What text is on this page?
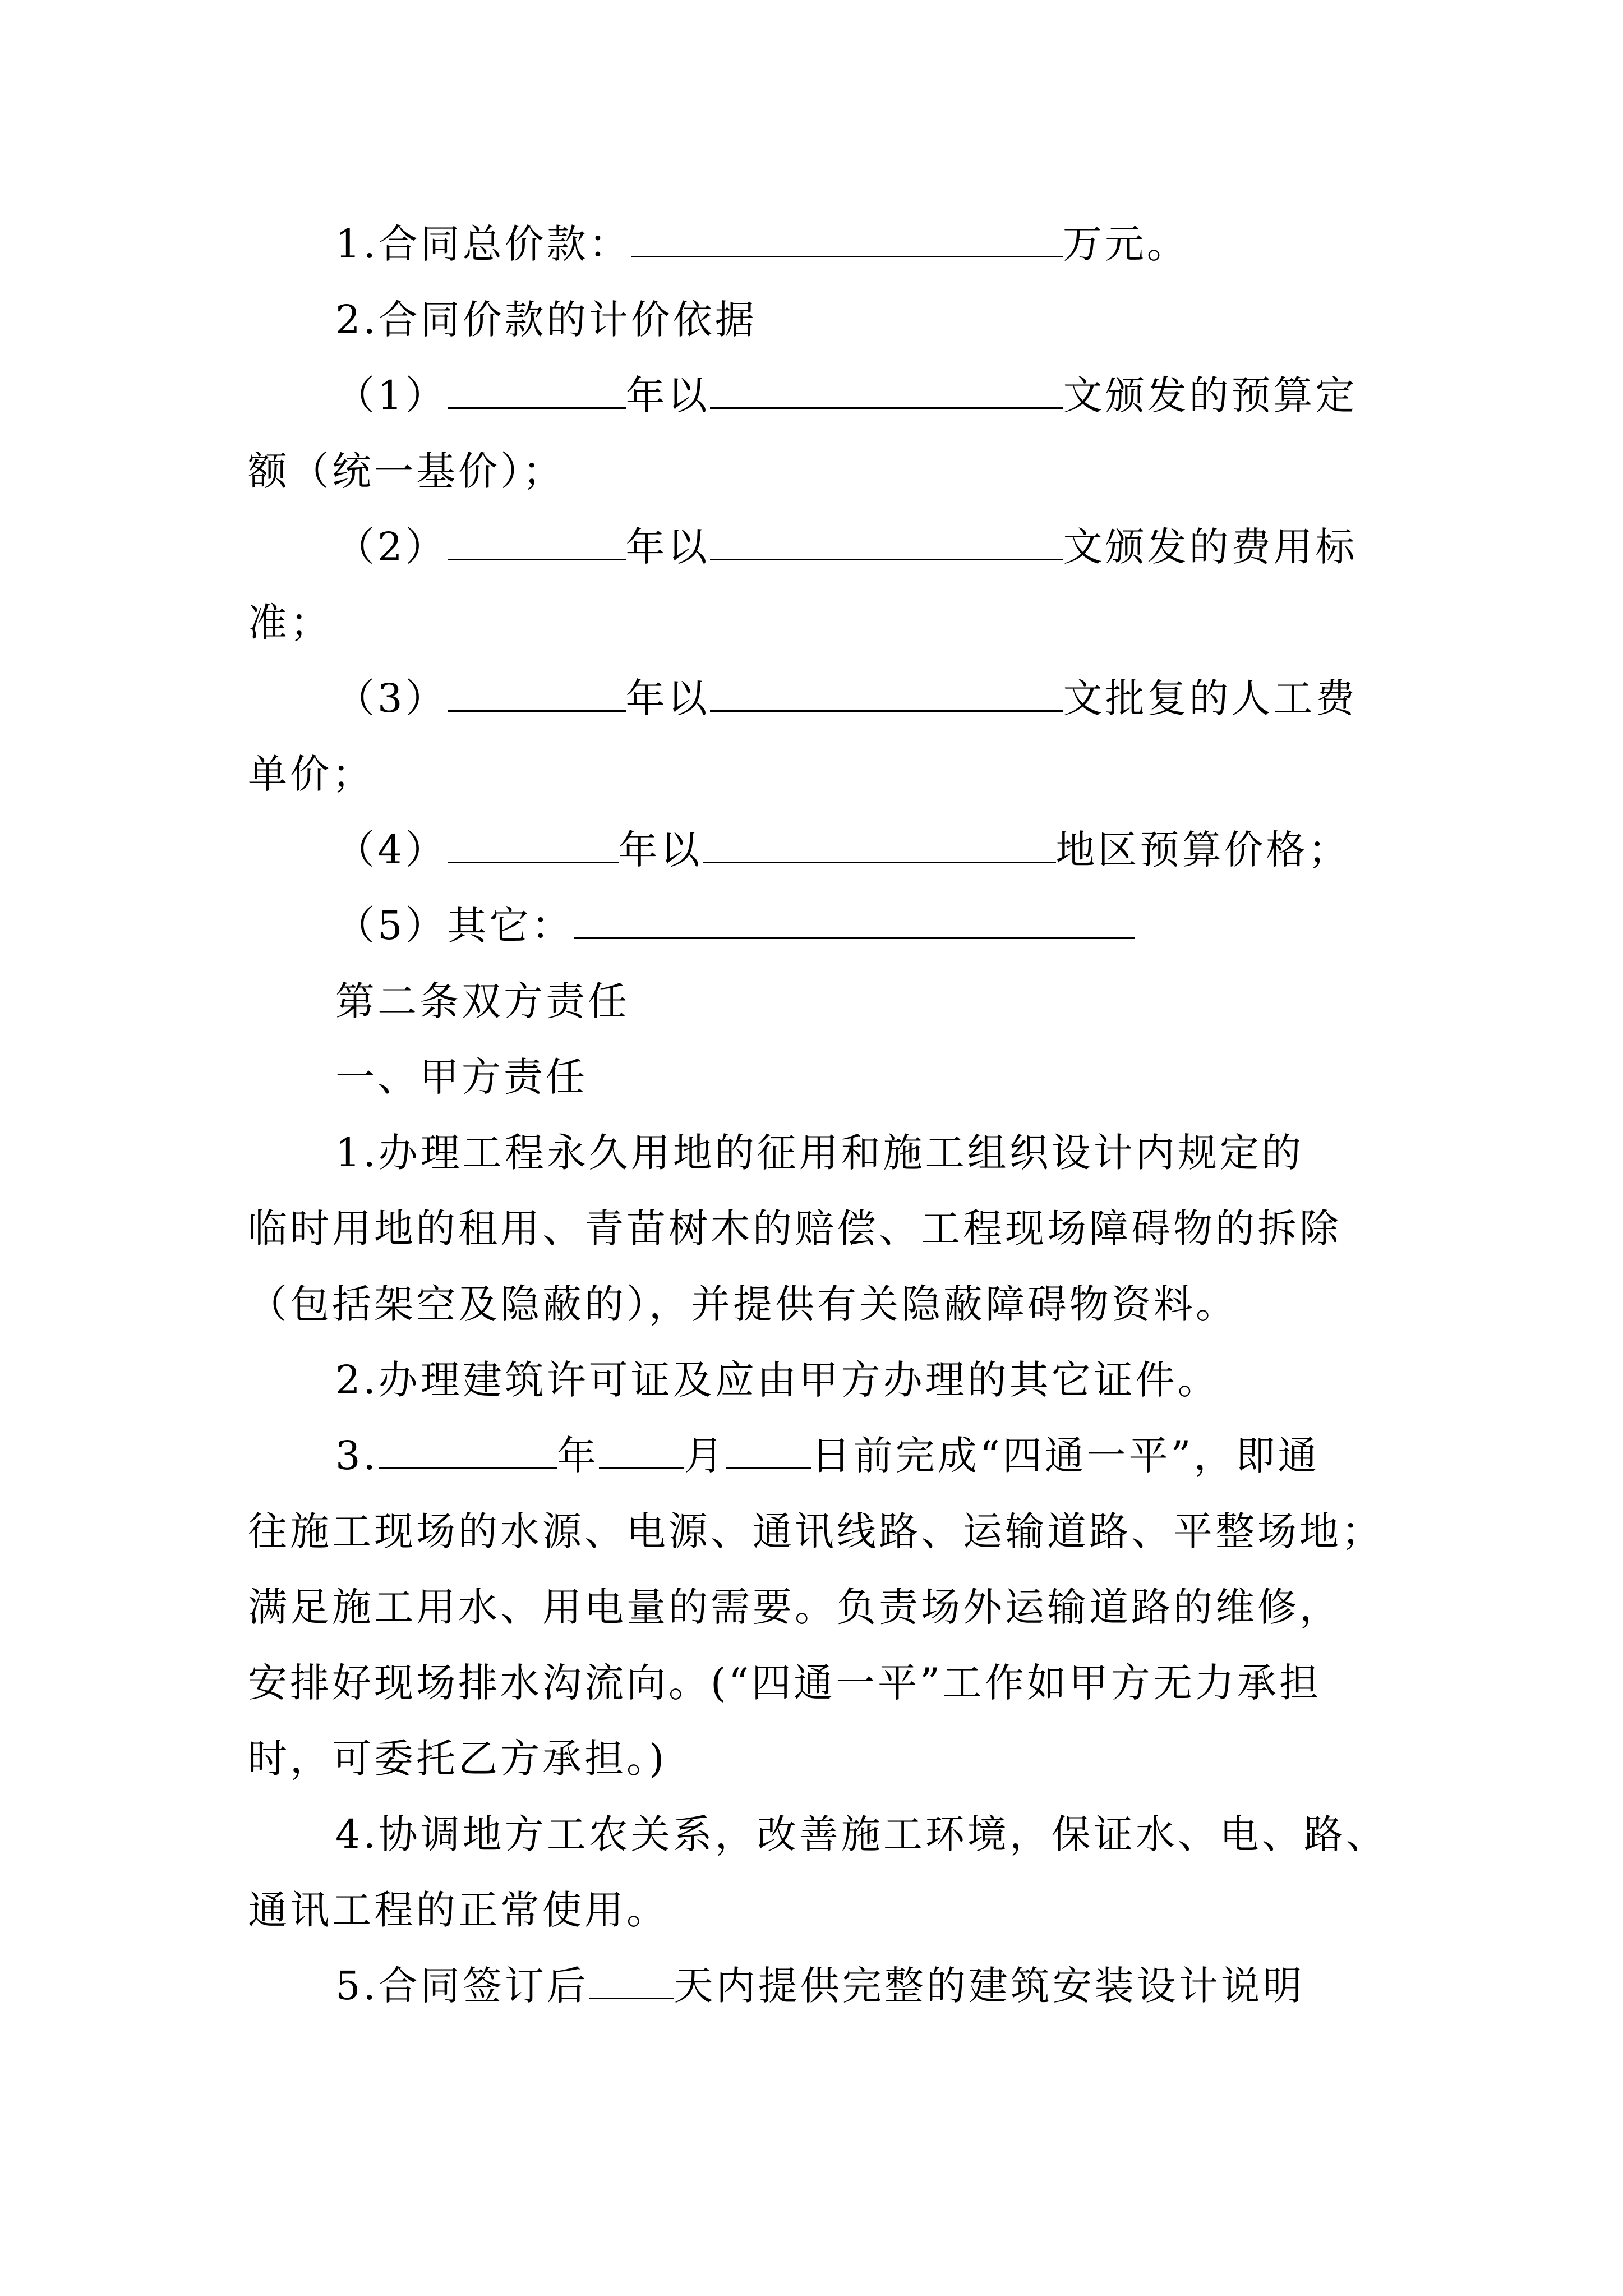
1.合同总价款：	万元。
2.合同价款的计价依据
（1）	年以	文颁发的预算定
额（统一基价）；
（2）	年以	文颁发的费用标
准；
（3）	年以	文批复的人工费
单价；
（4）	年以	地区预算价格；
（5）其它：
第二条双方责任
一、甲方责任
1.办理工程永久用地的征用和施工组织设计内规定的
临时用地的租用、青苗树木的赔偿、工程现场障碍物的拆除
（包括架空及隐蔽的），并提供有关隐蔽障碍物资料。
2.办理建筑许可证及应由甲方办理的其它证件。
3.	年 月 日前完成“四通一平”，即通
往施工现场的水源、电源、通讯线路、运输道路、平整场地；
满足施工用水、用电量的需要。负责场外运输道路的维修，
安排好现场排水沟流向。(“四通一平”工作如甲方无力承担
时，可委托乙方承担。)
4.协调地方工农关系，改善施工环境，保证水、电、路、
通讯工程的正常使用。
5.合同签订后 天内提供完整的建筑安装设计说明
